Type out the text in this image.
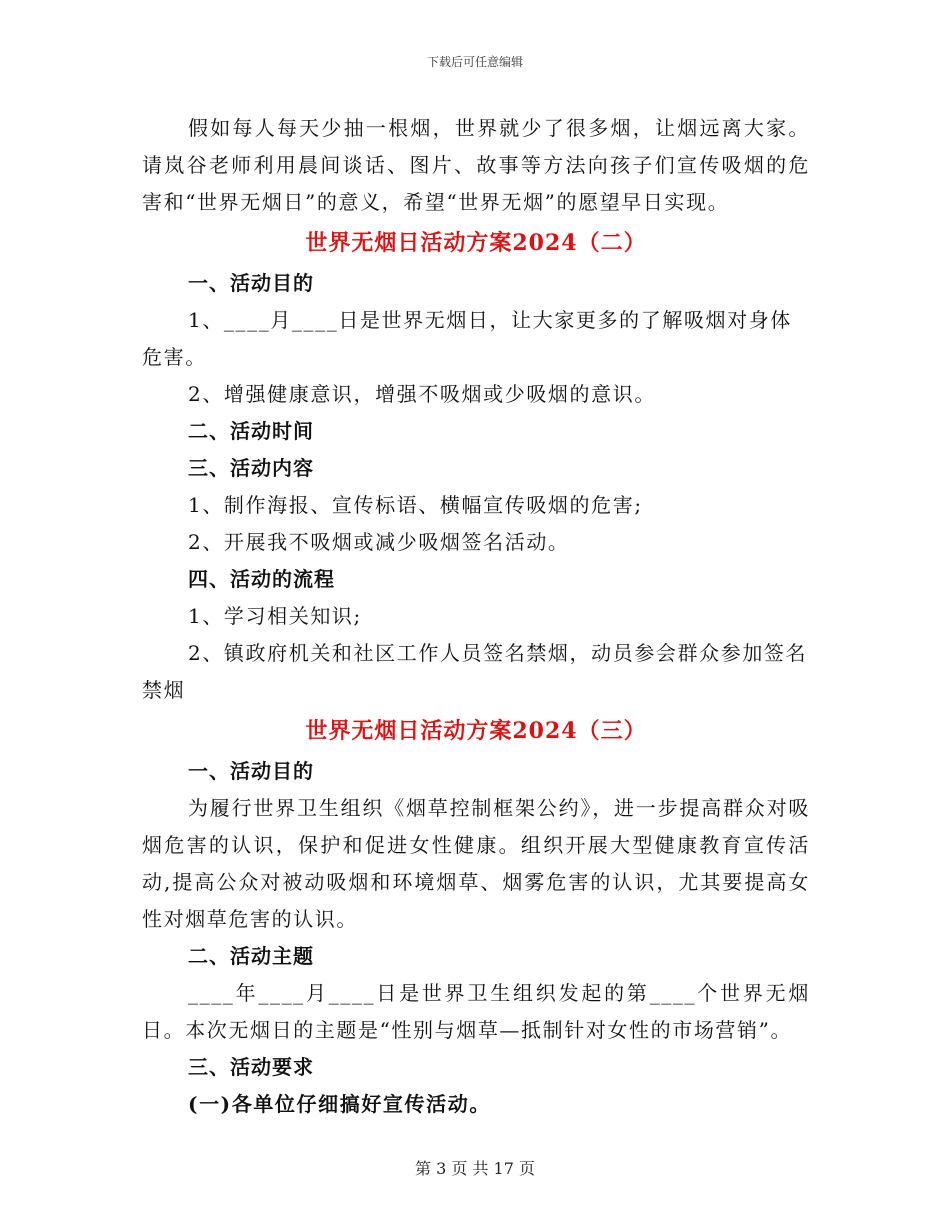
下载后可任意编辑

假如每人每天少抽一根烟，世界就少了很多烟，让烟远离大家。请岚谷老师利用晨间谈话、图片、故事等方法向孩子们宣传吸烟的危害和“世界无烟日”的意义，希望“世界无烟”的愿望早日实现。

世界无烟日活动方案2024（二）

一、活动目的

1、____月____日是世界无烟日，让大家更多的了解吸烟对身体危害。

2、增强健康意识，增强不吸烟或少吸烟的意识。

二、活动时间

三、活动内容

1、制作海报、宣传标语、横幅宣传吸烟的危害;

2、开展我不吸烟或减少吸烟签名活动。

四、活动的流程

1、学习相关知识;

2、镇政府机关和社区工作人员签名禁烟，动员参会群众参加签名禁烟

世界无烟日活动方案2024（三）

一、活动目的

为履行世界卫生组织《烟草控制框架公约》，进一步提高群众对吸烟危害的认识，保护和促进女性健康。组织开展大型健康教育宣传活动,提高公众对被动吸烟和环境烟草、烟雾危害的认识，尤其要提高女性对烟草危害的认识。

二、活动主题

____年____月____日是世界卫生组织发起的第____个世界无烟日。本次无烟日的主题是“性别与烟草—抵制针对女性的市场营销”。

三、活动要求

(一)各单位仔细搞好宣传活动。

第 3 页 共 17 页
